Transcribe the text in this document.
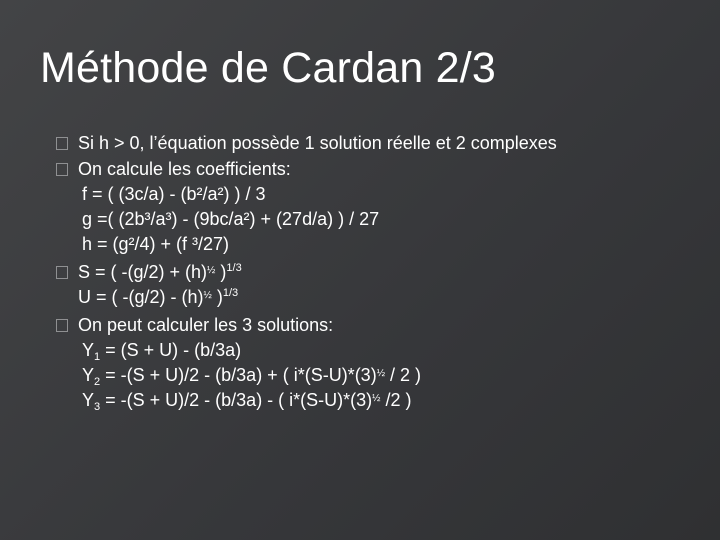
Méthode de Cardan 2/3
Si h > 0, l’équation possède 1 solution réelle et 2 complexes
On calcule les coefficients:
f = ( (3c/a) - (b²/a²) ) / 3
g =( (2b³/a³) - (9bc/a²) + (27d/a) ) / 27
h = (g²/4) + (f ³/27)
S = ( $-(g/2) + (h)^{\frac{1}{2}}$ )$^{1/3}$
U = ( $-(g/2) - (h)^{\frac{1}{2}}$ )$^{1/3}$
On peut calculer les 3 solutions:
$Y_1 = (S + U) - (b/3a)$
$Y_2 = -(S + U)/2 - (b/3a)$ + ( $i*(S-U)*(3)^{\frac{1}{2}} / 2$ )
$Y_3 = -(S + U)/2 - (b/3a)$ - ( $i*(S-U)*(3)^{\frac{1}{2}}$ /2 )
